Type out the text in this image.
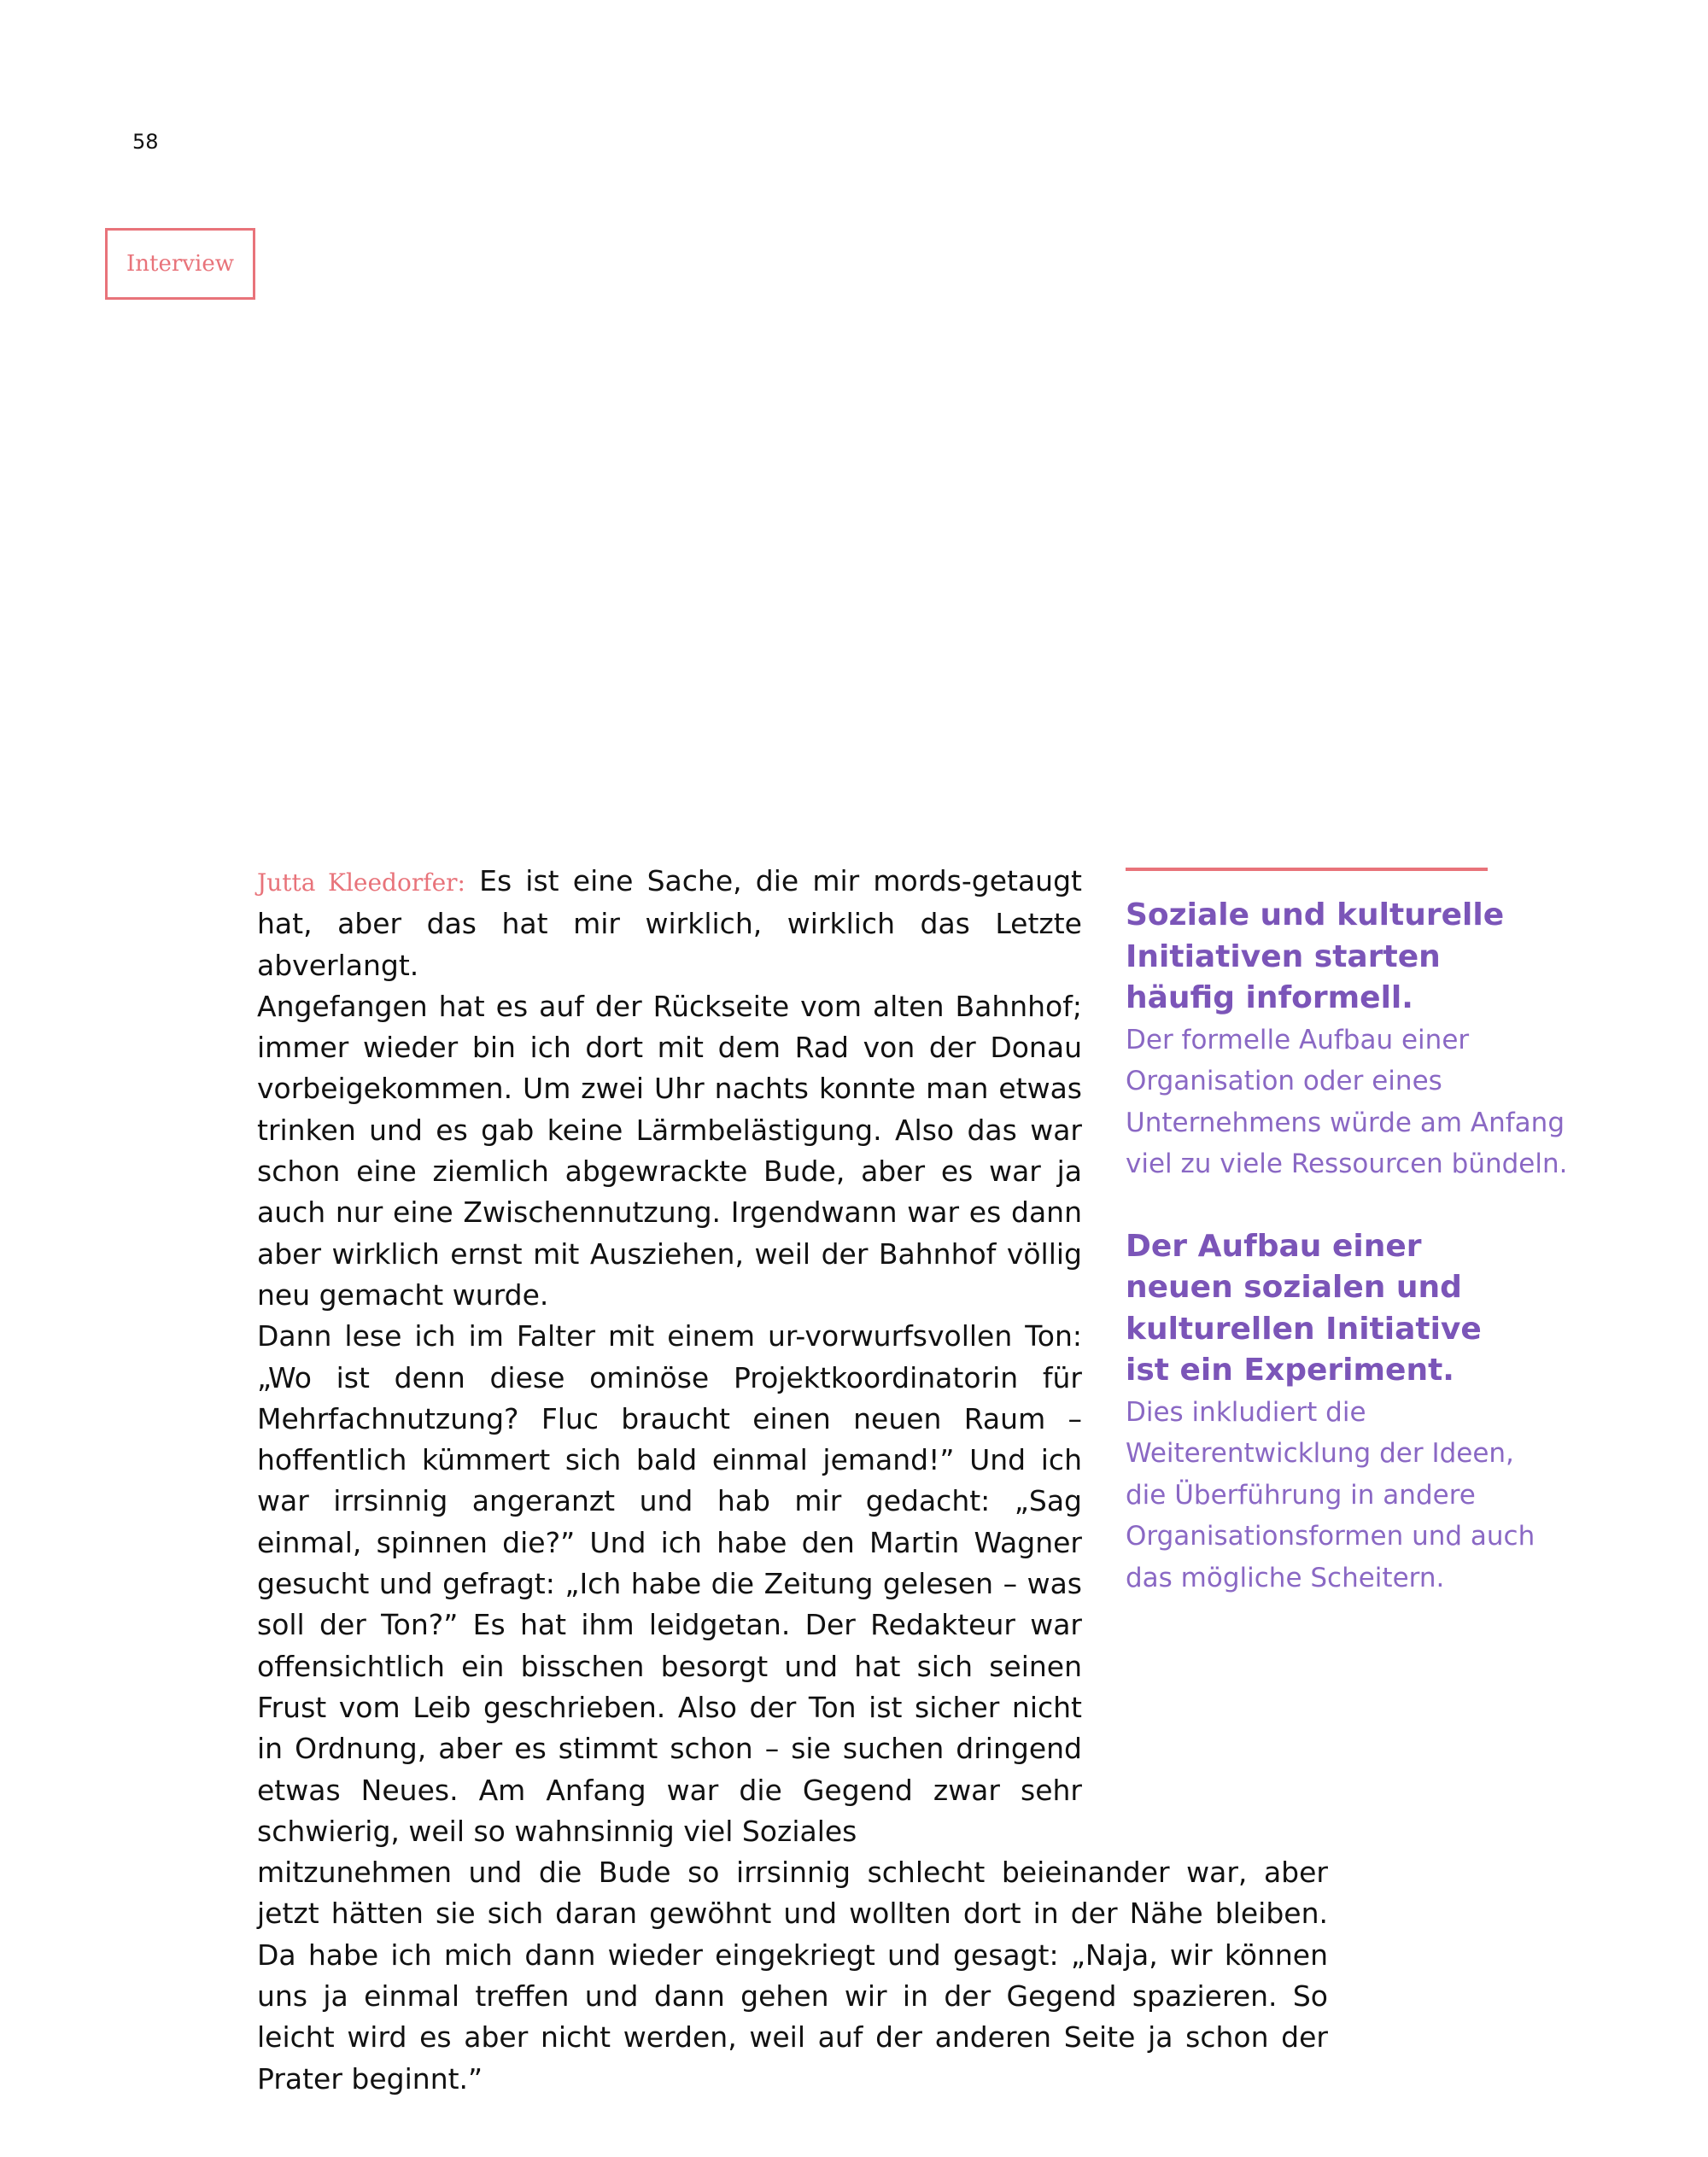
58
Interview

Jutta Kleedorfer: Es ist eine Sache, die mir mords-getaugt hat, aber das hat mir wirklich, wirklich das Letzte abverlangt.

Angefangen hat es auf der Rückseite vom alten Bahnhof; immer wieder bin ich dort mit dem Rad von der Donau vorbeigekommen. Um zwei Uhr nachts konnte man etwas trinken und es gab keine Lärmbelästigung. Also das war schon eine ziemlich abgewrackte Bude, aber es war ja auch nur eine Zwischennutzung. Irgendwann war es dann aber wirklich ernst mit Ausziehen, weil der Bahnhof völlig neu gemacht wurde.

Dann lese ich im Falter mit einem ur-vorwurfsvollen Ton: „Wo ist denn diese ominöse Projektkoordinatorin für Mehrfachnutzung? Fluc braucht einen neuen Raum – hoffentlich kümmert sich bald einmal jemand!” Und ich war irrsinnig angeranzt und hab mir gedacht: „Sag einmal, spinnen die?” Und ich habe den Martin Wagner gesucht und gefragt: „Ich habe die Zeitung gelesen – was soll der Ton?” Es hat ihm leidgetan. Der Redakteur war offensichtlich ein bisschen besorgt und hat sich seinen Frust vom Leib geschrieben. Also der Ton ist sicher nicht in Ordnung, aber es stimmt schon – sie suchen dringend etwas Neues. Am Anfang war die Gegend zwar sehr schwierig, weil so wahnsinnig viel Soziales

mitzunehmen und die Bude so irrsinnig schlecht beieinander war, aber jetzt hätten sie sich daran gewöhnt und wollten dort in der Nähe bleiben. Da habe ich mich dann wieder eingekriegt und gesagt: „Naja, wir können uns ja einmal treffen und dann gehen wir in der Gegend spazieren. So leicht wird es aber nicht werden, weil auf der anderen Seite ja schon der Prater beginnt.”

Soziale und kulturelle
Initiativen starten
häufig informell.
Der formelle Aufbau einer
Organisation oder eines
Unternehmens würde am Anfang
viel zu viele Ressourcen bündeln.
Der Aufbau einer
neuen sozialen und
kulturellen Initiative
ist ein Experiment.
Dies inkludiert die
Weiterentwicklung der Ideen,
die Überführung in andere
Organisationsformen und auch
das mögliche Scheitern.
